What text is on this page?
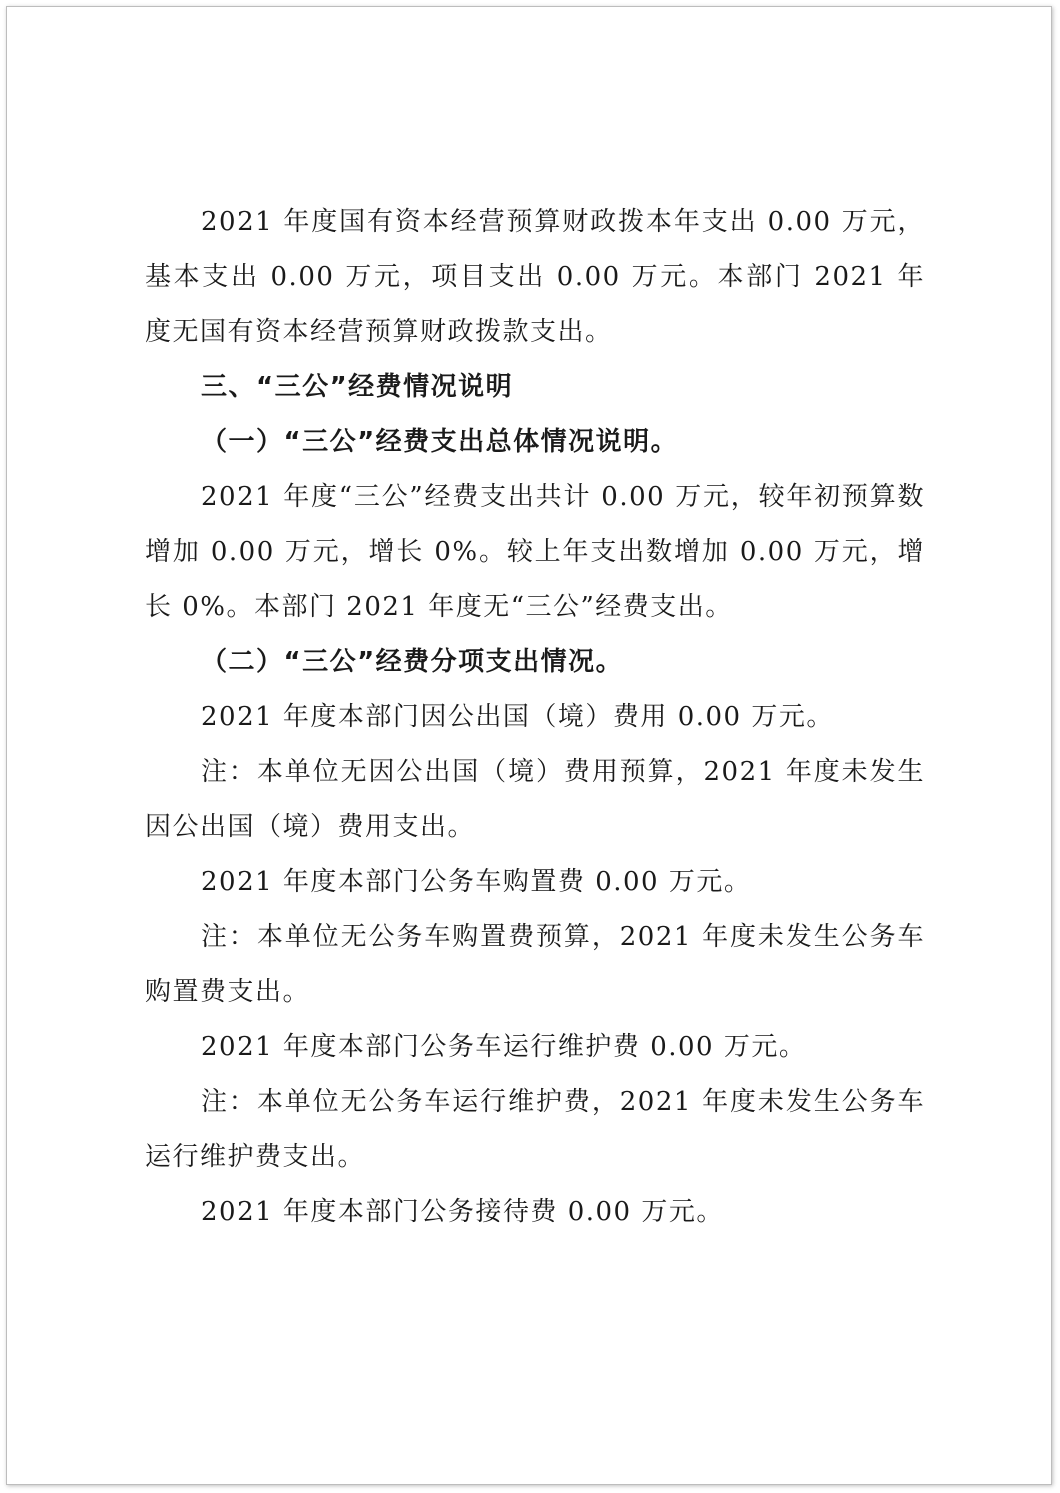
2021 年度国有资本经营预算财政拨本年支出 0.00 万元，基本支出 0.00 万元，项目支出 0.00 万元。本部门 2021 年度无国有资本经营预算财政拨款支出。

三、“三公”经费情况说明

（一）“三公”经费支出总体情况说明。

2021 年度“三公”经费支出共计 0.00 万元，较年初预算数增加 0.00 万元，增长 0%。较上年支出数增加 0.00 万元，增长 0%。本部门 2021 年度无“三公”经费支出。

（二）“三公”经费分项支出情况。

2021 年度本部门因公出国（境）费用 0.00 万元。

注：本单位无因公出国（境）费用预算，2021 年度未发生因公出国（境）费用支出。

2021 年度本部门公务车购置费 0.00 万元。

注：本单位无公务车购置费预算，2021 年度未发生公务车购置费支出。

2021 年度本部门公务车运行维护费 0.00 万元。

注：本单位无公务车运行维护费，2021 年度未发生公务车运行维护费支出。

2021 年度本部门公务接待费 0.00 万元。
